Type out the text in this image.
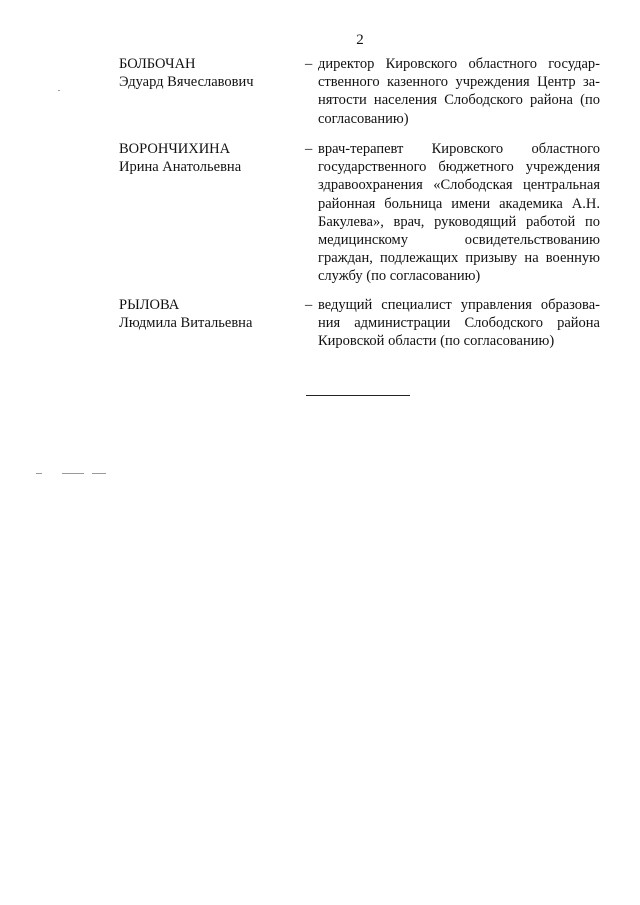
2
БОЛБОЧАН
Эдуард Вячеславович
– директор Кировского областного государственного казенного учреждения Центр занятости населения Слободского района (по согласованию)
ВОРОНЧИХИНА
Ирина Анатольевна
– врач-терапевт Кировского областного государственного бюджетного учреждения здравоохранения «Слободская центральная районная больница имени академика А.Н. Бакулева», врач, руководящий работой по медицинскому освидетельствованию граждан, подлежащих призыву на военную службу (по согласованию)
РЫЛОВА
Людмила Витальевна
– ведущий специалист управления образования администрации Слободского района Кировской области (по согласованию)
